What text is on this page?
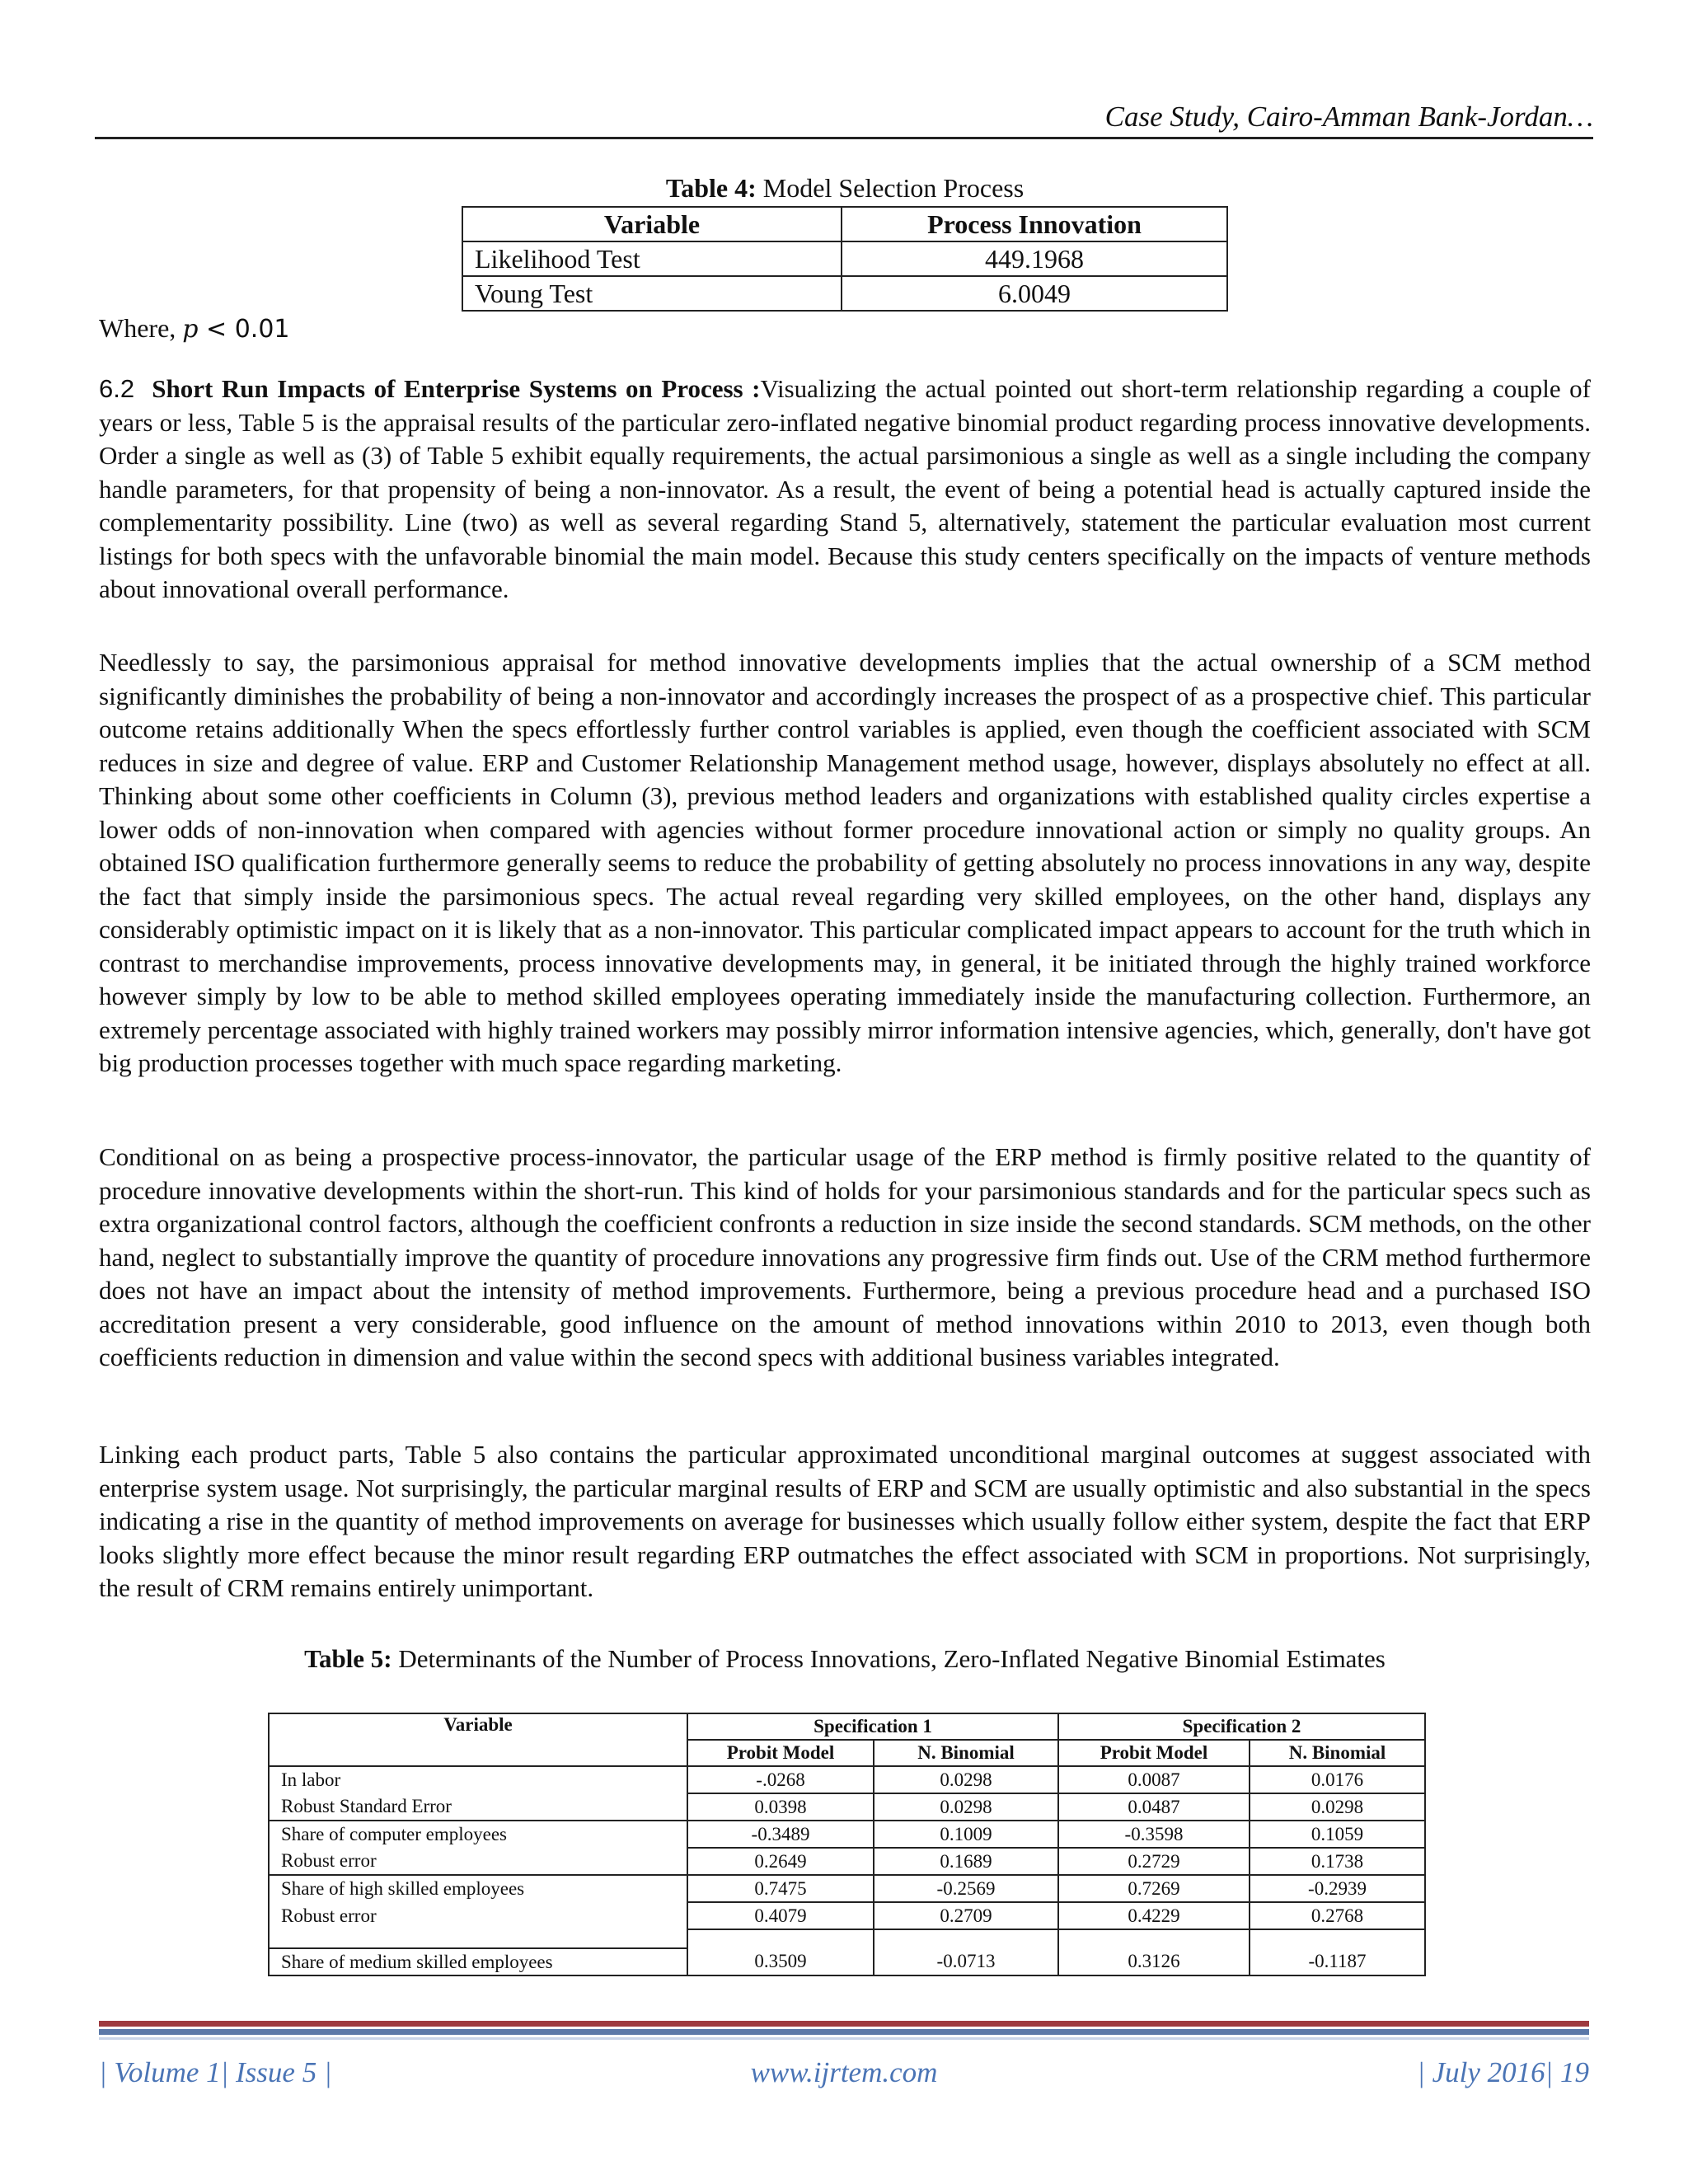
Case Study, Cairo-Amman Bank-Jordan…
Table 4: Model Selection Process
Variable	Process Innovation
Likelihood Test	449.1968
Voung Test	6.0049
Where, p < 0.01

6.2 Short Run Impacts of Enterprise Systems on Process :Visualizing the actual pointed out short-term relationship regarding a couple of years or less, Table 5 is the appraisal results of the particular zero-inflated negative binomial product regarding process innovative developments. Order a single as well as (3) of Table 5 exhibit equally requirements, the actual parsimonious a single as well as a single including the company handle parameters, for that propensity of being a non-innovator. As a result, the event of being a potential head is actually captured inside the complementarity possibility. Line (two) as well as several regarding Stand 5, alternatively, statement the particular evaluation most current listings for both specs with the unfavorable binomial the main model. Because this study centers specifically on the impacts of venture methods about innovational overall performance.

Needlessly to say, the parsimonious appraisal for method innovative developments implies that the actual ownership of a SCM method significantly diminishes the probability of being a non-innovator and accordingly increases the prospect of as a prospective chief. This particular outcome retains additionally When the specs effortlessly further control variables is applied, even though the coefficient associated with SCM reduces in size and degree of value. ERP and Customer Relationship Management method usage, however, displays absolutely no effect at all. Thinking about some other coefficients in Column (3), previous method leaders and organizations with established quality circles expertise a lower odds of non-innovation when compared with agencies without former procedure innovational action or simply no quality groups. An obtained ISO qualification furthermore generally seems to reduce the probability of getting absolutely no process innovations in any way, despite the fact that simply inside the parsimonious specs. The actual reveal regarding very skilled employees, on the other hand, displays any considerably optimistic impact on it is likely that as a non-innovator. This particular complicated impact appears to account for the truth which in contrast to merchandise improvements, process innovative developments may, in general, it be initiated through the highly trained workforce however simply by low to be able to method skilled employees operating immediately inside the manufacturing collection. Furthermore, an extremely percentage associated with highly trained workers may possibly mirror information intensive agencies, which, generally, don't have got big production processes together with much space regarding marketing.

Conditional on as being a prospective process-innovator, the particular usage of the ERP method is firmly positive related to the quantity of procedure innovative developments within the short-run. This kind of holds for your parsimonious standards and for the particular specs such as extra organizational control factors, although the coefficient confronts a reduction in size inside the second standards. SCM methods, on the other hand, neglect to substantially improve the quantity of procedure innovations any progressive firm finds out. Use of the CRM method furthermore does not have an impact about the intensity of method improvements. Furthermore, being a previous procedure head and a purchased ISO accreditation present a very considerable, good influence on the amount of method innovations within 2010 to 2013, even though both coefficients reduction in dimension and value within the second specs with additional business variables integrated.

Linking each product parts, Table 5 also contains the particular approximated unconditional marginal outcomes at suggest associated with enterprise system usage. Not surprisingly, the particular marginal results of ERP and SCM are usually optimistic and also substantial in the specs indicating a rise in the quantity of method improvements on average for businesses which usually follow either system, despite the fact that ERP looks slightly more effect because the minor result regarding ERP outmatches the effect associated with SCM in proportions. Not surprisingly, the result of CRM remains entirely unimportant.

Table 5: Determinants of the Number of Process Innovations, Zero-Inflated Negative Binomial Estimates
Variable	Specification 1		Specification 2	
	Probit Model	N. Binomial	Probit Model	N. Binomial
In labor	-.0268	0.0298	0.0087	0.0176
Robust Standard Error	0.0398	0.0298	0.0487	0.0298
Share of computer employees	-0.3489	0.1009	-0.3598	0.1059
Robust error	0.2649	0.1689	0.2729	0.1738
Share of high skilled employees	0.7475	-0.2569	0.7269	-0.2939
Robust error	0.4079	0.2709	0.4229	0.2768

Share of medium skilled employees	0.3509	-0.0713	0.3126	-0.1187
| Volume 1| Issue 5 |	www.ijrtem.com	| July 2016| 19
